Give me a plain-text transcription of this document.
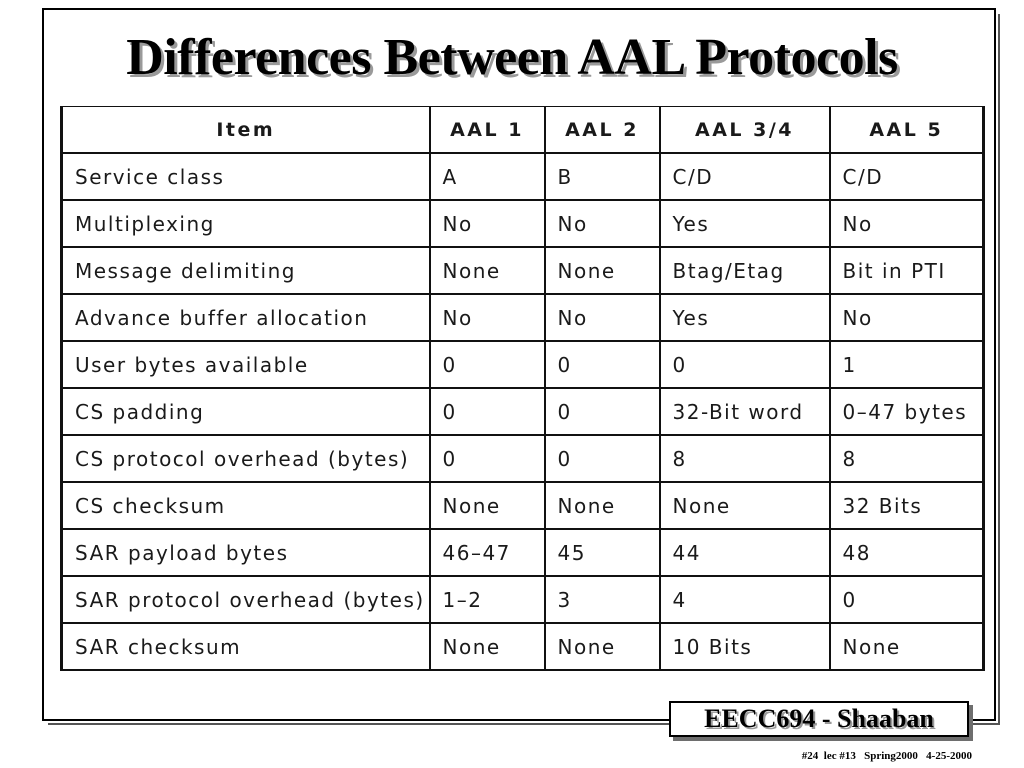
Differences Between AAL Protocols
Item	AAL 1	AAL 2	AAL 3/4	AAL 5
Service class	A	B	C/D	C/D
Multiplexing	No	No	Yes	No
Message delimiting	None	None	Btag/Etag	Bit in PTI
Advance buffer allocation	No	No	Yes	No
User bytes available	0	0	0	1
CS padding	0	0	32-Bit word	0–47 bytes
CS protocol overhead (bytes)	0	0	8	8
CS checksum	None	None	None	32 Bits
SAR payload bytes	46–47	45	44	48
SAR protocol overhead (bytes)	1–2	3	4	0
SAR checksum	None	None	10 Bits	None
EECC694 - Shaaban
#24  lec #13   Spring2000   4-25-2000
